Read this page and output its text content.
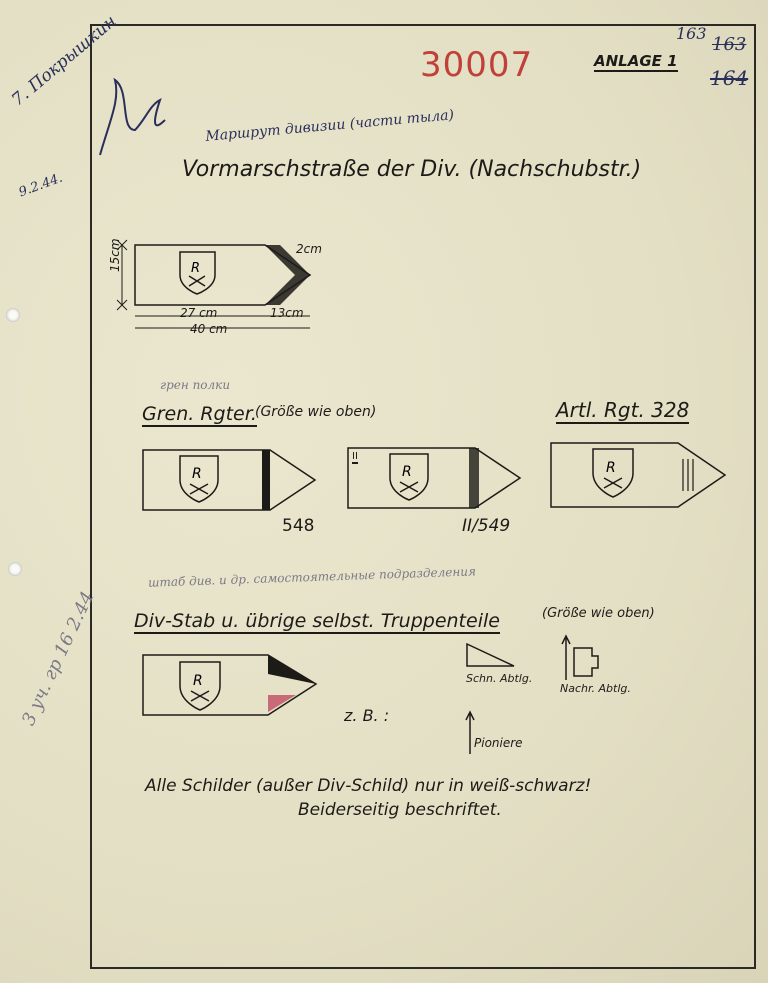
30007
163
163
164
ANLAGE 1
7. Покрышкин
9.2.44.
Маршрут дивизии (части тыла)
Vormarschstraße der Div. (Nachschubstr.)
R
15cm
27 cm
40 cm
13cm
2cm
грен полки
Gren. Rgter.
(Größe wie oben)
R
548
R
II
II/549
Artl. Rgt. 328
R
штаб див. и др. самостоятельные подразделения
Div-Stab u. übrige selbst. Truppenteile	(Größe wie oben)
R
z. B. :
Schn. Abtlg.
Nachr. Abtlg.
Pioniere
Alle Schilder (außer Div-Schild) nur in weiß-schwarz!
Beiderseitig beschriftet.
3 уч. гр 16 2.44
